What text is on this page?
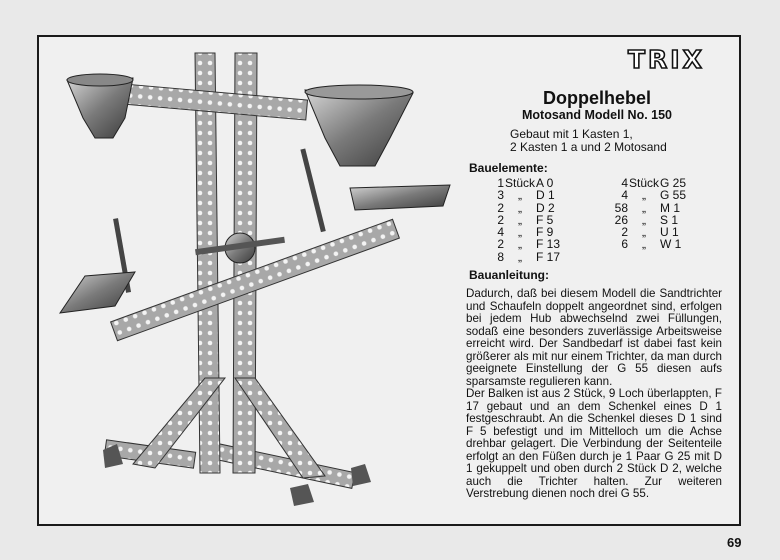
TRIX
Doppelhebel
Motosand Modell No. 150
Gebaut mit 1 Kasten 1,
2 Kasten 1 a und 2 Motosand
Bauelemente:
1 Stück A 0
3	„	D 1
2	„	D 2
2	„	F 5
4	„	F 9
2	„	F 13
8	„	F 17
4 Stück G 25
4	„	G 55
58	„	M 1
26	„	S 1
2	„	U 1
6	„	W 1
Bauanleitung:

Dadurch, daß bei diesem Modell die Sandtrichter und Schaufeln doppelt angeordnet sind, erfolgen bei jedem Hub abwechselnd zwei Füllungen, sodaß eine besonders zuverlässige Arbeitsweise erreicht wird. Der Sandbedarf ist dabei fast kein größerer als mit nur einem Trichter, da man durch geeignete Einstellung der G 55 diesen aufs sparsamste regulieren kann.

Der Balken ist aus 2 Stück, 9 Loch überlappten, F 17 gebaut und an dem Schenkel eines D 1 festgeschraubt. An die Schenkel dieses D 1 sind F 5 befestigt und im Mittelloch um die Achse drehbar gelagert. Die Verbindung der Seitenteile erfolgt an den Füßen durch je 1 Paar G 25 mit D 1 gekuppelt und oben durch 2 Stück D 2, welche auch die Trichter halten. Zur weiteren Verstrebung dienen noch drei G 55.

69
